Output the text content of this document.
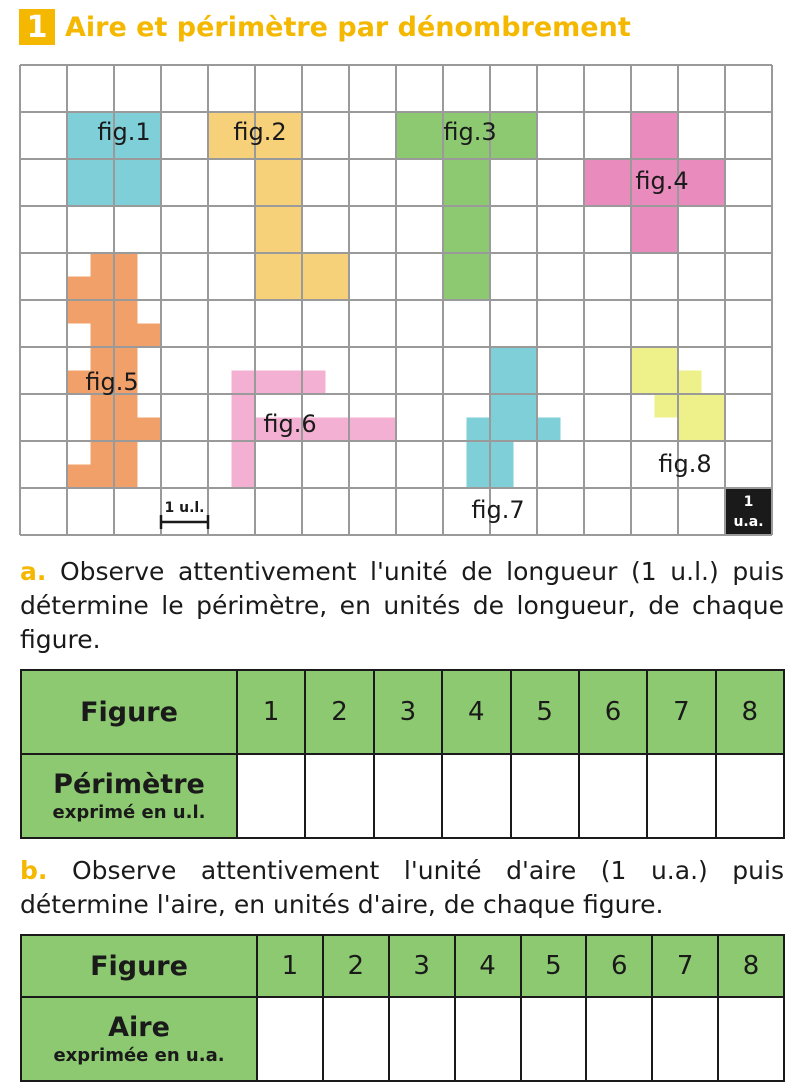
1 Aire et périmètre par dénombrement
fig.1	fig.2	fig.3
fig.4
fig.5
fig.6
fig.7
fig.8
1 u.l.	1
u.a.
a. Observe attentivement l'unité de longueur (1 u.l.) puis détermine le périmètre, en unités de longueur, de chaque figure.
Figure	1	2	3	4	5	6	7	8

Périmètre
exprimé en u.l.								

b. Observe attentivement l'unité d'aire (1 u.a.) puis détermine l'aire, en unités d'aire, de chaque figure.
Figure	1	2	3	4	5	6	7	8

Aire
exprimée en u.a.								
